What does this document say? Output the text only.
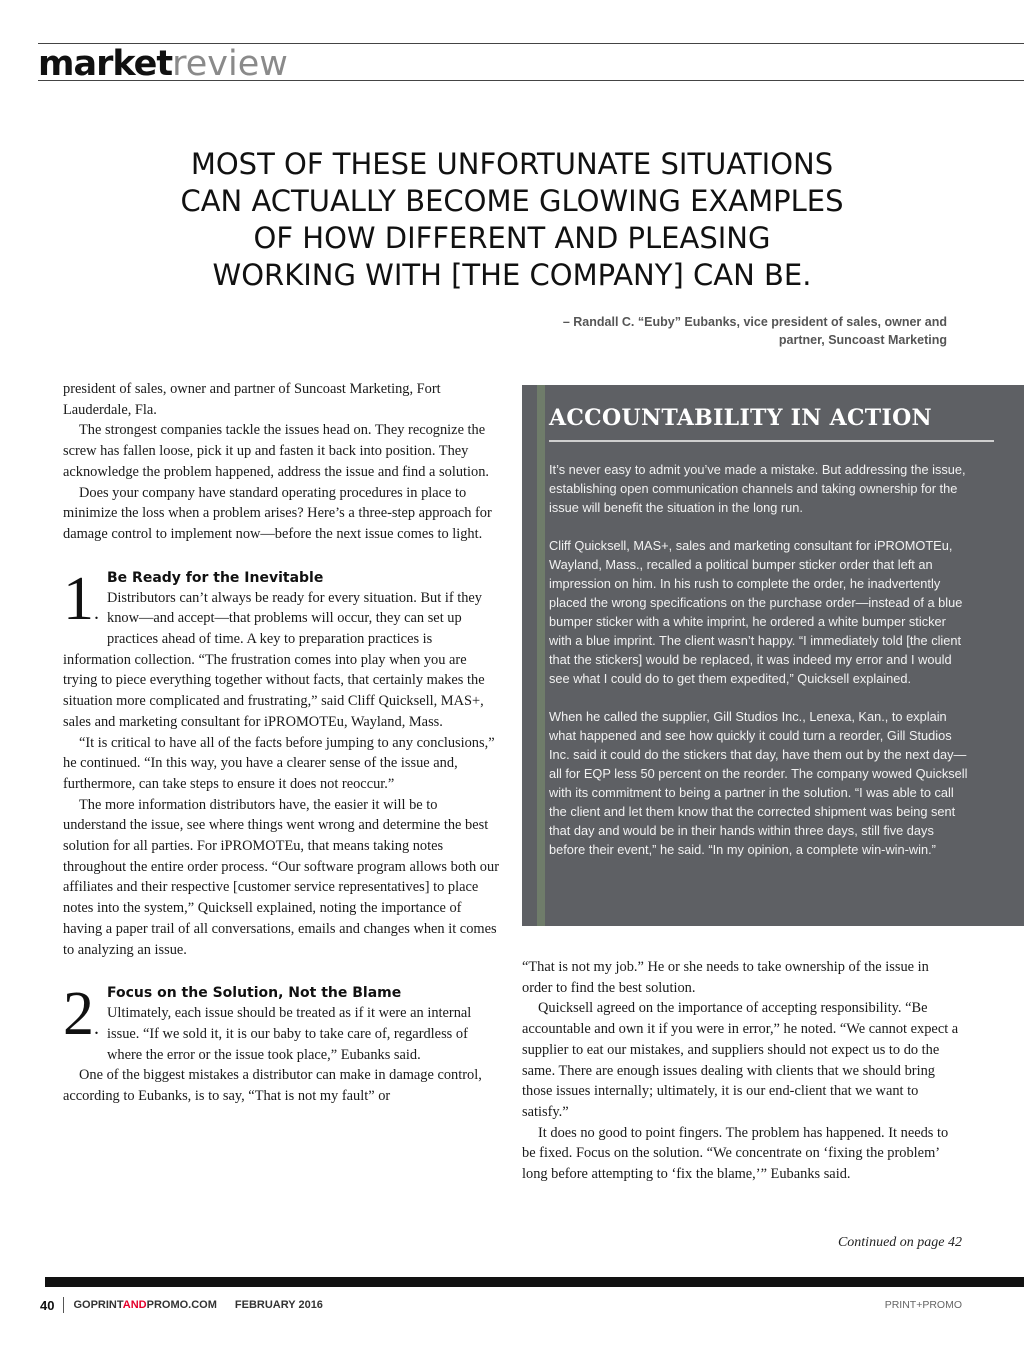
marketreview
MOST OF THESE UNFORTUNATE SITUATIONS
CAN ACTUALLY BECOME GLOWING EXAMPLES
OF HOW DIFFERENT AND PLEASING
WORKING WITH [THE COMPANY] CAN BE.
– Randall C. “Euby” Eubanks, vice president of sales, owner and
partner, Suncoast Marketing

president of sales, owner and partner of Suncoast Marketing, Fort Lauderdale, Fla.

The strongest companies tackle the issues head on. They recognize the screw has fallen loose, pick it up and fasten it back into position. They acknowledge the problem happened, address the issue and find a solution.

Does your company have standard operating procedures in place to minimize the loss when a problem arises? Here’s a three-step approach for damage control to implement now—before the next issue comes to light.

1.
Be Ready for the Inevitable

Distributors can’t always be ready for every situation. But if they know—and accept—that problems will occur, they can set up practices ahead of time. A key to preparation practices is information collection. “The frustration comes into play when you are trying to piece everything together without facts, that certainly makes the situation more complicated and frustrating,” said Cliff Quicksell, MAS+, sales and marketing consultant for iPROMOTEu, Wayland, Mass.

“It is critical to have all of the facts before jumping to any conclusions,” he continued. “In this way, you have a clearer sense of the issue and, furthermore, can take steps to ensure it does not reoccur.”

The more information distributors have, the easier it will be to understand the issue, see where things went wrong and determine the best solution for all parties. For iPROMOTEu, that means taking notes throughout the entire order process. “Our software program allows both our affiliates and their respective [customer service representatives] to place notes into the system,” Quicksell explained, noting the importance of having a paper trail of all conversations, emails and changes when it comes to analyzing an issue.

2.
Focus on the Solution, Not the Blame

Ultimately, each issue should be treated as if it were an internal issue. “If we sold it, it is our baby to take care of, regardless of where the error or the issue took place,” Eubanks said.

One of the biggest mistakes a distributor can make in damage control, according to Eubanks, is to say, “That is not my fault” or

ACCOUNTABILITY IN ACTION

It’s never easy to admit you’ve made a mistake. But addressing the issue, establishing open communication channels and taking ownership for the issue will benefit the situation in the long run.

Cliff Quicksell, MAS+, sales and marketing consultant for iPROMOTEu, Wayland, Mass., recalled a political bumper sticker order that left an impression on him. In his rush to complete the order, he inadvertently placed the wrong specifications on the purchase order—instead of a blue bumper sticker with a white imprint, he ordered a white bumper sticker with a blue imprint. The client wasn’t happy. “I immediately told [the client that the stickers] would be replaced, it was indeed my error and I would see what I could do to get them expedited,” Quicksell explained.

When he called the supplier, Gill Studios Inc., Lenexa, Kan., to explain what happened and see how quickly it could turn a reorder, Gill Studios Inc. said it could do the stickers that day, have them out by the next day—all for EQP less 50 percent on the reorder. The company wowed Quicksell with its commitment to being a partner in the solution. “I was able to call the client and let them know that the corrected shipment was being sent that day and would be in their hands within three days, still five days before their event,” he said. “In my opinion, a complete win-win-win.”

“That is not my job.” He or she needs to take ownership of the issue in order to find the best solution.

Quicksell agreed on the importance of accepting responsibility. “Be accountable and own it if you were in error,” he noted. “We cannot expect a supplier to eat our mistakes, and suppliers should not expect us to do the same. There are enough issues dealing with clients that we should bring those issues internally; ultimately, it is our end-client that we want to satisfy.”

It does no good to point fingers. The problem has happened. It needs to be fixed. Focus on the solution. “We concentrate on ‘fixing the problem’ long before attempting to ‘fix the blame,’” Eubanks said.

Continued on page 42
40 GOPRINTANDPROMO.COM FEBRUARY 2016	PRINT+PROMO
